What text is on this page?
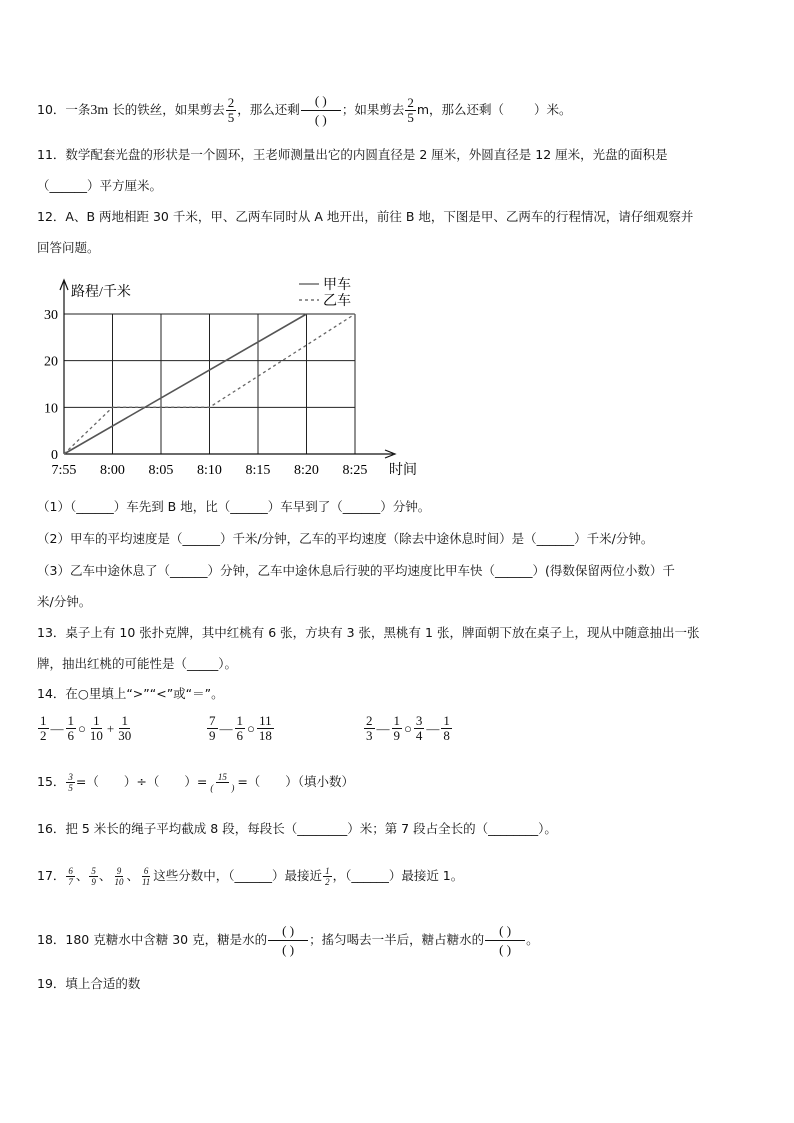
10．一条3m 长的铁丝，如果剪去 $\frac{2}{5}$ ，那么还剩 $\frac{( )}{( )}$ ；如果剪去 $\frac{2}{5}$ m，那么还剩（ ）米。
11．数学配套光盘的形状是一个圆环，王老师测量出它的内圆直径是 2 厘米，外圆直径是 12 厘米，光盘的面积是
（______）平方厘米。
12．A、B 两地相距 30 千米，甲、乙两车同时从 A 地开出，前往 B 地，下图是甲、乙两车的行程情况，请仔细观察并
回答问题。
路程/千米
时间
0
10
20
30
7:55 8:00 8:05 8:10 8:15 8:20 8:25
甲车
乙车
（1）（______）车先到 B 地，比（______）车早到了（______）分钟。
（2）甲车的平均速度是（______）千米/分钟，乙车的平均速度（除去中途休息时间）是（______）千米/分钟。
（3）乙车中途休息了（______）分钟，乙车中途休息后行驶的平均速度比甲车快（______）(得数保留两位小数）千
米/分钟。
13．桌子上有 10 张扑克牌，其中红桃有 6 张，方块有 3 张，黑桃有 1 张，牌面朝下放在桌子上，现从中随意抽出一张
牌，抽出红桃的可能性是（_____）。
14．在○里填上“>”“<”或“＝”。
$\frac{1}{2}$ — $\frac{1}{6}$ ○ $\frac{1}{10} + \frac{1}{30}$	$\frac{7}{9}$ — $\frac{1}{6}$ ○ $\frac{11}{18}$	$\frac{2}{3}$ — $\frac{1}{9}$ ○ $\frac{3}{4}$ — $\frac{1}{8}$
15． $\frac{3}{5}$ =（　　）÷（　　）= $\frac{15}{( )}$ =（　　）（填小数）
16．把 5 米长的绳子平均截成 8 段，每段长（________）米；第 7 段占全长的（________）。
17． $\frac{6}{7}$ 、 $\frac{5}{9}$ 、 $\frac{9}{10}$ 、 $\frac{6}{11}$ 这些分数中，（______）最接近 $\frac{1}{2}$ ，（______）最接近 1。
18．180 克糖水中含糖 30 克，糖是水的 $\frac{( )}{( )}$ ；搖匀喝去一半后，糖占糖水的 $\frac{( )}{( )}$ 。
19．填上合适的数
